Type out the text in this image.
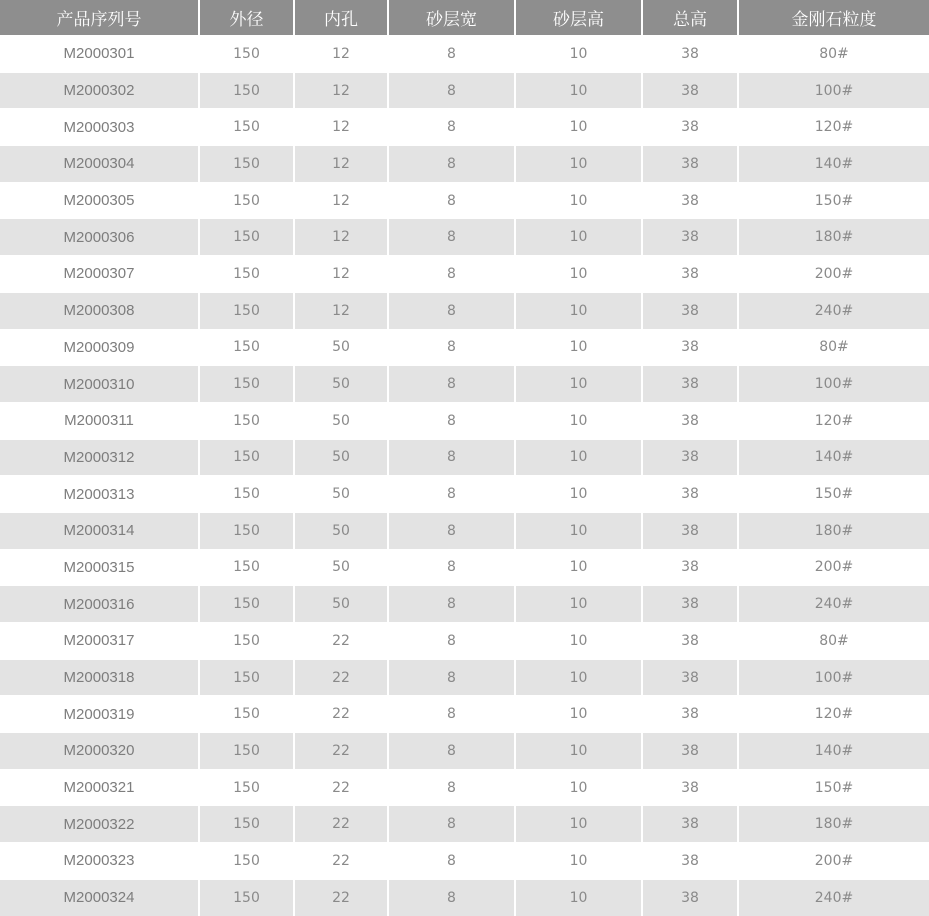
产品序列号	外径	内孔	砂层宽	砂层高	总高	金刚石粒度
M2000301	150	12	8	10	38	80#
M2000302	150	12	8	10	38	100#
M2000303	150	12	8	10	38	120#
M2000304	150	12	8	10	38	140#
M2000305	150	12	8	10	38	150#
M2000306	150	12	8	10	38	180#
M2000307	150	12	8	10	38	200#
M2000308	150	12	8	10	38	240#
M2000309	150	50	8	10	38	80#
M2000310	150	50	8	10	38	100#
M2000311	150	50	8	10	38	120#
M2000312	150	50	8	10	38	140#
M2000313	150	50	8	10	38	150#
M2000314	150	50	8	10	38	180#
M2000315	150	50	8	10	38	200#
M2000316	150	50	8	10	38	240#
M2000317	150	22	8	10	38	80#
M2000318	150	22	8	10	38	100#
M2000319	150	22	8	10	38	120#
M2000320	150	22	8	10	38	140#
M2000321	150	22	8	10	38	150#
M2000322	150	22	8	10	38	180#
M2000323	150	22	8	10	38	200#
M2000324	150	22	8	10	38	240#
